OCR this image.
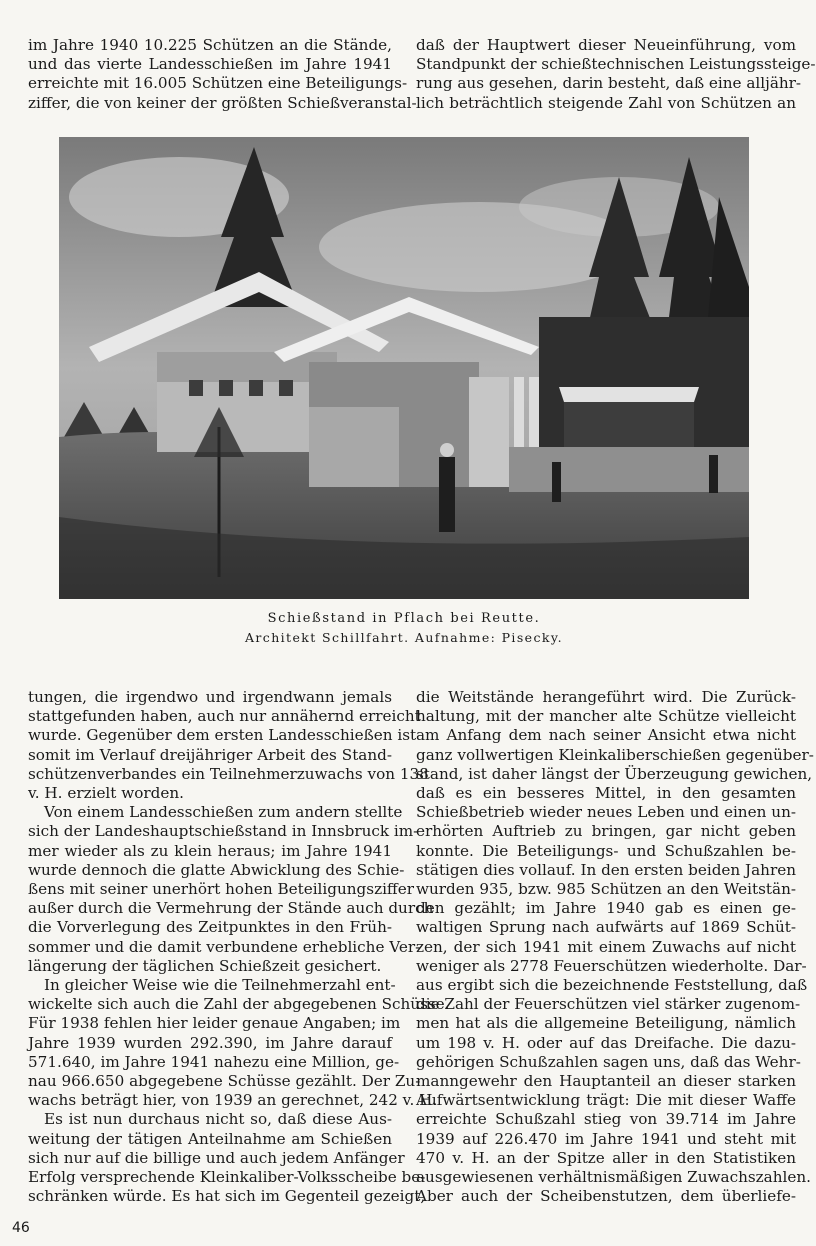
im Jahre 1940 10.225 Schützen an die Stände,
und das vierte Landesschießen im Jahre 1941
erreichte mit 16.005 Schützen eine Beteiligungs-
ziffer, die von keiner der größten Schießveranstal-
daß der Hauptwert dieser Neueinführung, vom
Standpunkt der schießtechnischen Leistungssteige-
rung aus gesehen, darin besteht, daß eine alljähr-
lich beträchtlich steigende Zahl von Schützen an
Schießstand in Pflach bei Reutte.
Architekt Schillfahrt. Aufnahme: Pisecky.
tungen, die irgendwo und irgendwann jemals
stattgefunden haben, auch nur annähernd erreicht
wurde. Gegenüber dem ersten Landesschießen ist
somit im Verlauf dreijähriger Arbeit des Stand-
schützenverbandes ein Teilnehmerzuwachs von 138
v. H. erzielt worden.
Von einem Landesschießen zum andern stellte
sich der Landeshauptschießstand in Innsbruck im-
mer wieder als zu klein heraus; im Jahre 1941
wurde dennoch die glatte Abwicklung des Schie-
ßens mit seiner unerhört hohen Beteiligungsziffer
außer durch die Vermehrung der Stände auch durch
die Vorverlegung des Zeitpunktes in den Früh-
sommer und die damit verbundene erhebliche Ver-
längerung der täglichen Schießzeit gesichert.
In gleicher Weise wie die Teilnehmerzahl ent-
wickelte sich auch die Zahl der abgegebenen Schüsse.
Für 1938 fehlen hier leider genaue Angaben; im
Jahre 1939 wurden 292.390, im Jahre darauf
571.640, im Jahre 1941 nahezu eine Million, ge-
nau 966.650 abgegebene Schüsse gezählt. Der Zu-
wachs beträgt hier, von 1939 an gerechnet, 242 v. H.
Es ist nun durchaus nicht so, daß diese Aus-
weitung der tätigen Anteilnahme am Schießen
sich nur auf die billige und auch jedem Anfänger
Erfolg versprechende Kleinkaliber-Volksscheibe be-
schränken würde. Es hat sich im Gegenteil gezeigt,
die Weitstände herangeführt wird. Die Zurück-
haltung, mit der mancher alte Schütze vielleicht
am Anfang dem nach seiner Ansicht etwa nicht
ganz vollwertigen Kleinkaliberschießen gegenüber-
stand, ist daher längst der Überzeugung gewichen,
daß es ein besseres Mittel, in den gesamten
Schießbetrieb wieder neues Leben und einen un-
erhörten Auftrieb zu bringen, gar nicht geben
konnte. Die Beteiligungs- und Schußzahlen be-
stätigen dies vollauf. In den ersten beiden Jahren
wurden 935, bzw. 985 Schützen an den Weitstän-
den gezählt; im Jahre 1940 gab es einen ge-
waltigen Sprung nach aufwärts auf 1869 Schüt-
zen, der sich 1941 mit einem Zuwachs auf nicht
weniger als 2778 Feuerschützen wiederholte. Dar-
aus ergibt sich die bezeichnende Feststellung, daß
die Zahl der Feuerschützen viel stärker zugenom-
men hat als die allgemeine Beteiligung, nämlich
um 198 v. H. oder auf das Dreifache. Die dazu-
gehörigen Schußzahlen sagen uns, daß das Wehr-
manngewehr den Hauptanteil an dieser starken
Aufwärtsentwicklung trägt: Die mit dieser Waffe
erreichte Schußzahl stieg von 39.714 im Jahre
1939 auf 226.470 im Jahre 1941 und steht mit
470 v. H. an der Spitze aller in den Statistiken
ausgewiesenen verhältnismäßigen Zuwachszahlen.
Aber auch der Scheibenstutzen, dem überliefe-
46
